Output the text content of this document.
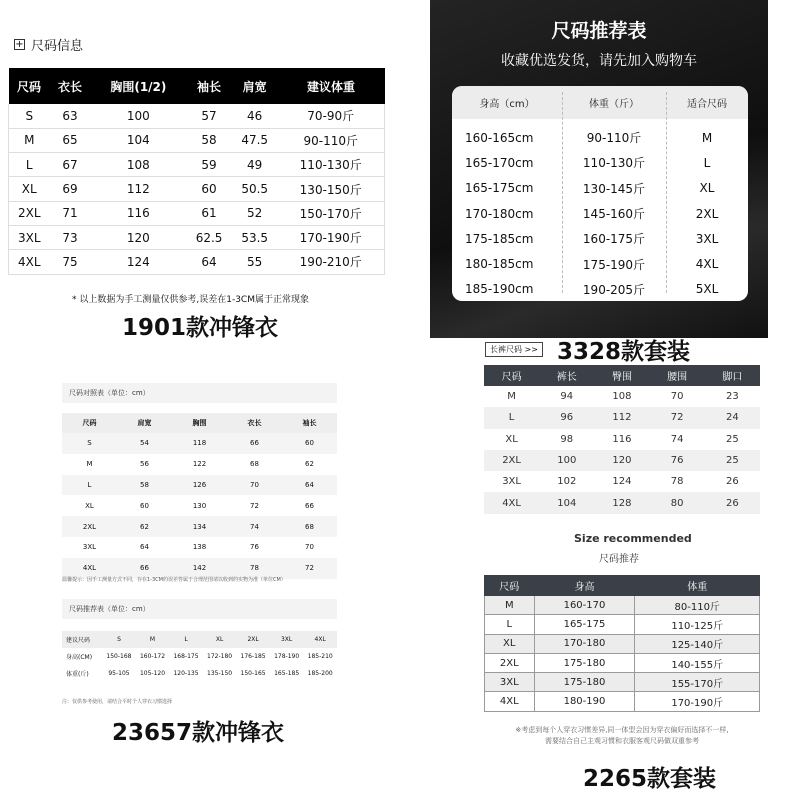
+ 尺码信息
尺码	衣长	胸围(1/2)	袖长	肩宽	建议体重
S	63	100	57	46	70-90斤
M	65	104	58	47.5	90-110斤
L	67	108	59	49	110-130斤
XL	69	112	60	50.5	130-150斤
2XL	71	116	61	52	150-170斤
3XL	73	120	62.5	53.5	170-190斤
4XL	75	124	64	55	190-210斤
* 以上数据为手工测量仅供参考,误差在1-3CM属于正常现象
1901款冲锋衣
尺码推荐表
收藏优选发货，请先加入购物车
身高（cm）	体重（斤）	适合尺码
160-165cm	90-110斤	M
165-170cm	110-130斤	L
165-175cm	130-145斤	XL
170-180cm	145-160斤	2XL
175-185cm	160-175斤	3XL
180-185cm	175-190斤	4XL
185-190cm	190-205斤	5XL
长裤尺码 >> 3328款套装
尺码	裤长	臀围	腰围	脚口
M	94	108	70	23
L	96	112	72	24
XL	98	116	74	25
2XL	100	120	76	25
3XL	102	124	78	26
4XL	104	128	80	26
Size recommended
尺码推荐
尺码	身高	体重
M	160-170	80-110斤
L	165-175	110-125斤
XL	170-180	125-140斤
2XL	175-180	140-155斤
3XL	175-180	155-170斤
4XL	180-190	170-190斤
※考虑到每个人穿衣习惯差异,同一体型会因为穿衣偏好而选择不一样,
需要结合自己主观习惯和衣服客观尺码做双重参考
2265款套装
尺码对照表（单位：cm）
尺码	肩宽	胸围	衣长	袖长
S	54	118	66	60
M	56	122	68	62
L	58	126	70	64
XL	60	130	72	66
2XL	62	134	74	68
3XL	64	138	76	70
4XL	66	142	78	72
温馨提示：因手工测量方式不同，存在1-3CM的误差答属于合理范围请以收到的实物为准（单位CM）
尺码推荐表（单位：cm）
建议尺码	S	M	L	XL	2XL	3XL	4XL
身高(CM)	150-168	160-172	168-175	172-180	176-185	178-190	185-210
体重(斤)	95-105	105-120	120-135	135-150	150-165	165-185	185-200
注：仅供参考使用，请结合平时个人穿衣习惯选择
23657款冲锋衣
